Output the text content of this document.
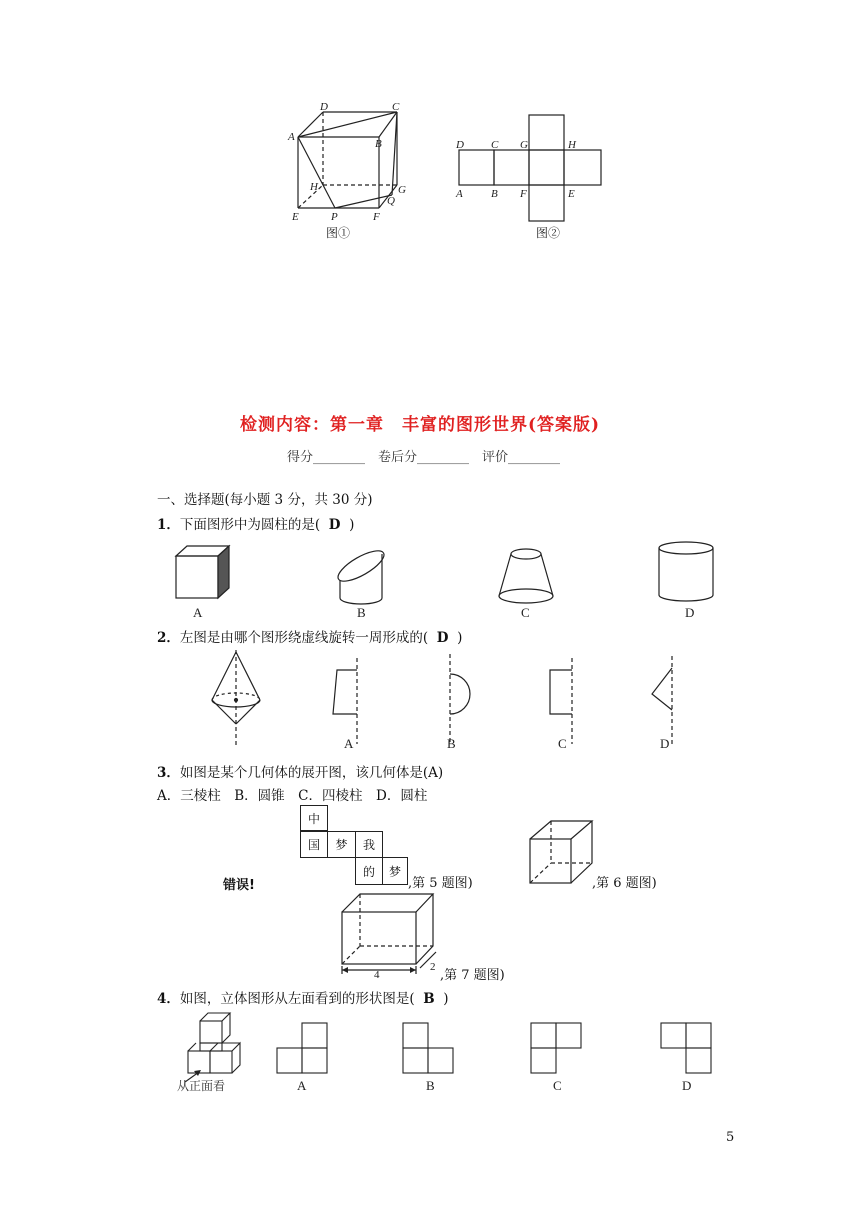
D	C
A
B
H	G
Q
E	P	F
图①
D C G	H
A	B F	E
图②
检测内容：第一章　丰富的图形世界(答案版)
得分________　卷后分________　评价________
一、选择题(每小题 3 分，共 30 分)
1．下面图形中为圆柱的是( D )
A	B	C	D
2．左图是由哪个图形绕虚线旋转一周形成的( D )
A	B	C	D
3．如图是某个几何体的展开图，该几何体是(A)
A．三棱柱　B．圆锥　C．四棱柱　D．圆柱
错误!
中
国	梦	我
的	梦
,第 5 题图)	,第 6 题图)
4
2
,第 7 题图)
4．如图，立体图形从左面看到的形状图是( B )
从正面看	A	B	C	D
5
